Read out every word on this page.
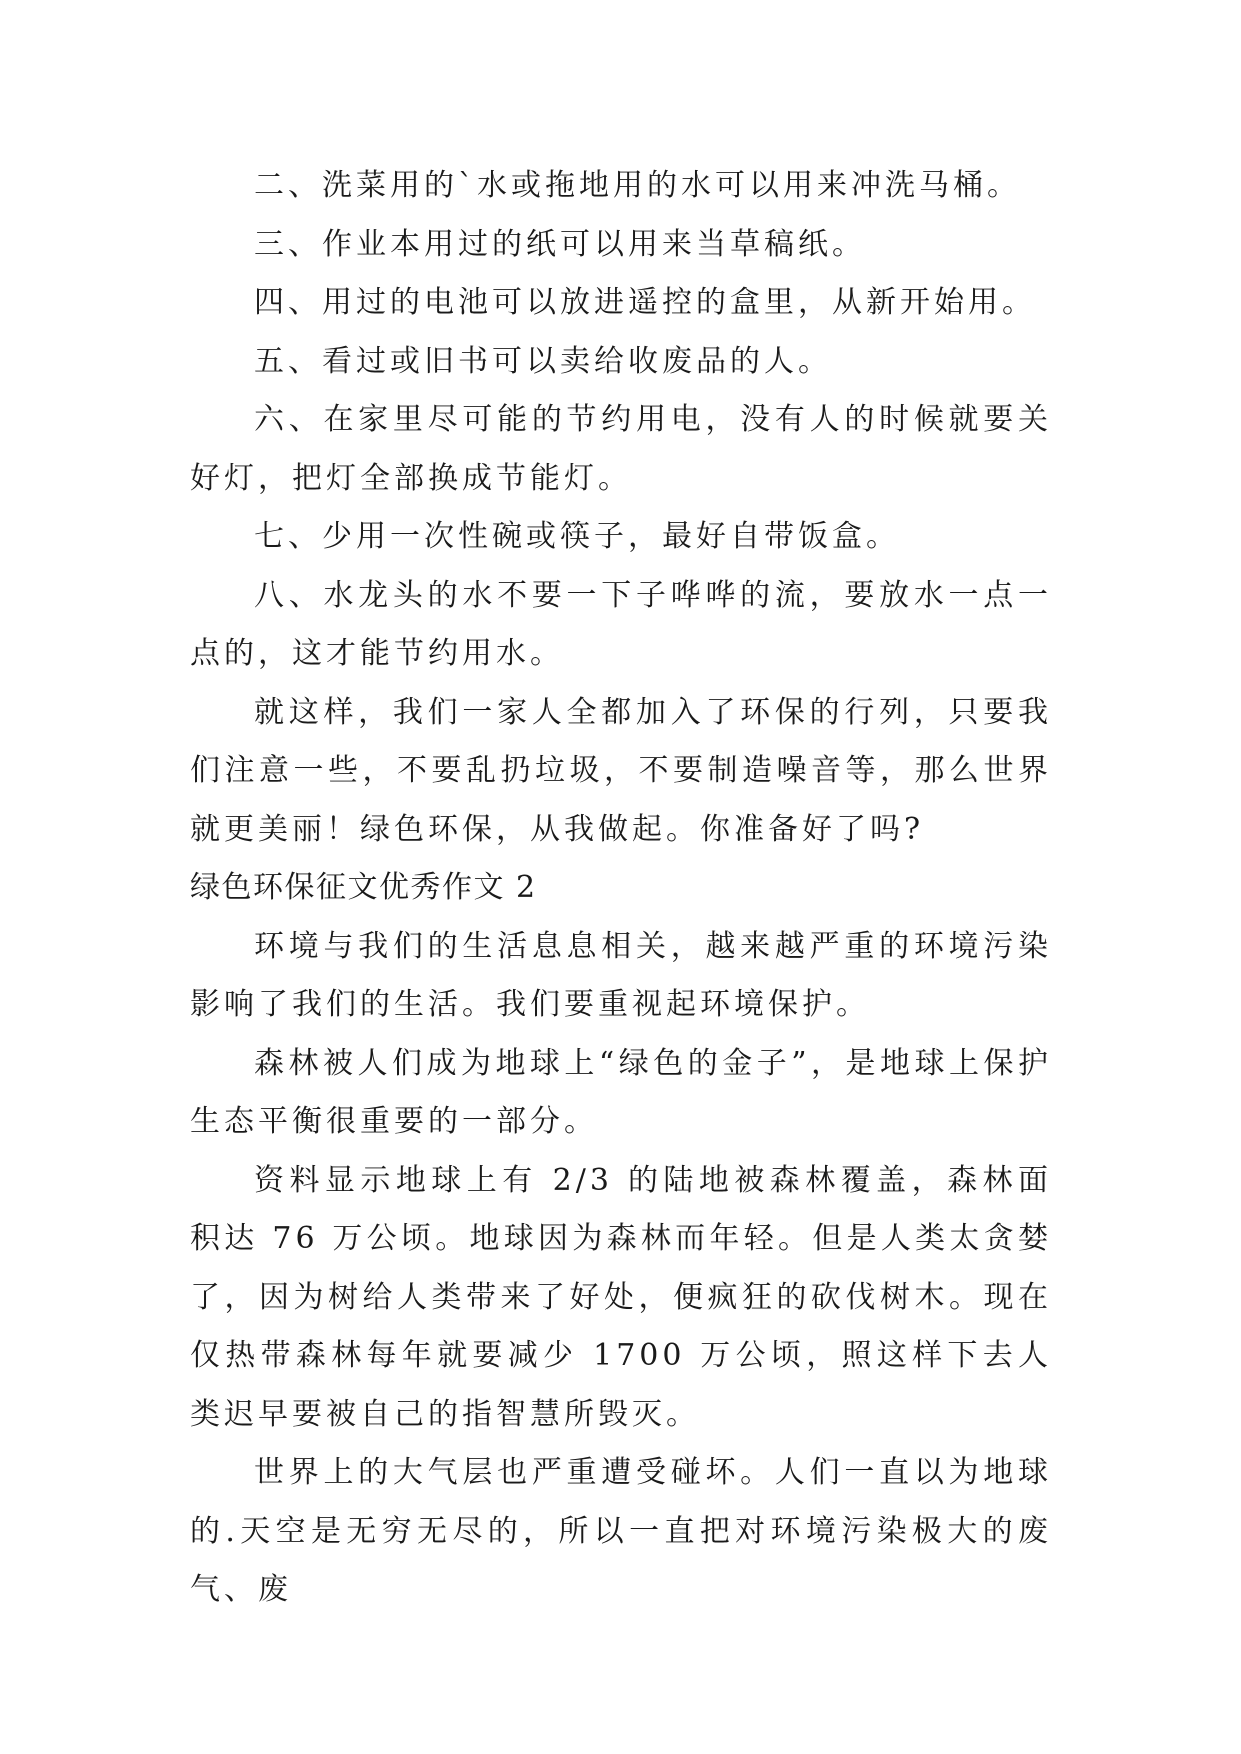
二、洗菜用的`水或拖地用的水可以用来冲洗马桶。

三、作业本用过的纸可以用来当草稿纸。

四、用过的电池可以放进遥控的盒里，从新开始用。

五、看过或旧书可以卖给收废品的人。

六、在家里尽可能的节约用电，没有人的时候就要关好灯，把灯全部换成节能灯。

七、少用一次性碗或筷子，最好自带饭盒。

八、水龙头的水不要一下子哗哗的流，要放水一点一点的，这才能节约用水。

就这样，我们一家人全都加入了环保的行列，只要我们注意一些，不要乱扔垃圾，不要制造噪音等，那么世界就更美丽！绿色环保，从我做起。你准备好了吗?

绿色环保征文优秀作文 2

环境与我们的生活息息相关，越来越严重的环境污染影响了我们的生活。我们要重视起环境保护。

森林被人们成为地球上“绿色的金子”，是地球上保护生态平衡很重要的一部分。

资料显示地球上有 2/3 的陆地被森林覆盖，森林面积达 76 万公顷。地球因为森林而年轻。但是人类太贪婪了，因为树给人类带来了好处，便疯狂的砍伐树木。现在仅热带森林每年就要减少 1700 万公顷，照这样下去人类迟早要被自己的指智慧所毁灭。

世界上的大气层也严重遭受碰坏。人们一直以为地球的.天空是无穷无尽的，所以一直把对环境污染极大的废气、废
